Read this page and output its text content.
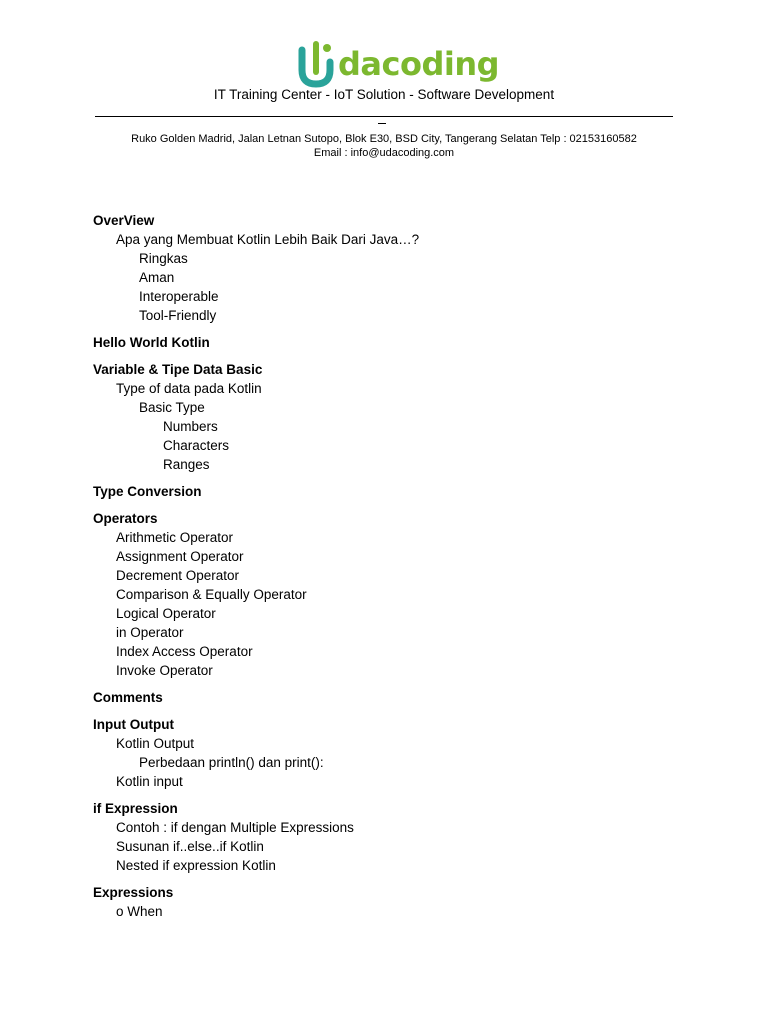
dacoding
IT Training Center - IoT Solution - Software Development
Ruko Golden Madrid, Jalan Letnan Sutopo, Blok E30, BSD City, Tangerang Selatan Telp : 02153160582
Email : info@udacoding.com
OverView
Apa yang Membuat Kotlin Lebih Baik Dari Java…?
Ringkas
Aman
Interoperable
Tool-Friendly
Hello World Kotlin
Variable & Tipe Data Basic
Type of data pada Kotlin
Basic Type
Numbers
Characters
Ranges
Type Conversion
Operators
Arithmetic Operator
Assignment Operator
Decrement Operator
Comparison & Equally Operator
Logical Operator
in Operator
Index Access Operator
Invoke Operator
Comments
Input Output
Kotlin Output
Perbedaan println() dan print():
Kotlin input
if Expression
Contoh : if dengan Multiple Expressions
Susunan if..else..if Kotlin
Nested if expression Kotlin
Expressions
o When
